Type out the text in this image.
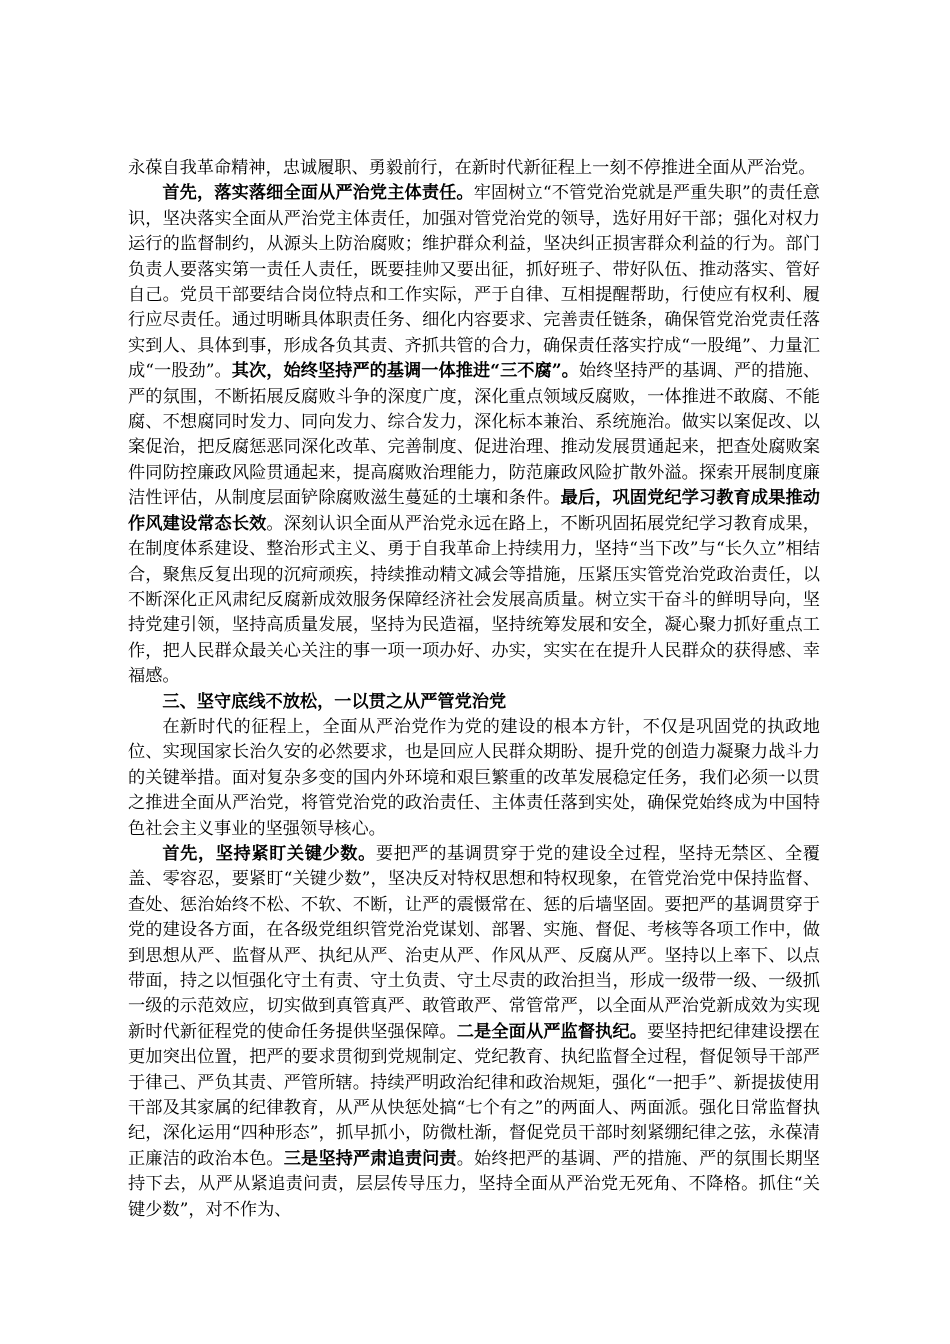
永葆自我革命精神，忠诚履职、勇毅前行，在新时代新征程上一刻不停推进全面从严治党。

首先，落实落细全面从严治党主体责任。牢固树立“不管党治党就是严重失职”的责任意识，坚决落实全面从严治党主体责任，加强对管党治党的领导，选好用好干部；强化对权力运行的监督制约，从源头上防治腐败；维护群众利益，坚决纠正损害群众利益的行为。部门负责人要落实第一责任人责任，既要挂帅又要出征，抓好班子、带好队伍、推动落实、管好自己。党员干部要结合岗位特点和工作实际，严于自律、互相提醒帮助，行使应有权利、履行应尽责任。通过明晰具体职责任务、细化内容要求、完善责任链条，确保管党治党责任落实到人、具体到事，形成各负其责、齐抓共管的合力，确保责任落实拧成“一股绳”、力量汇成“一股劲”。其次，始终坚持严的基调一体推进“三不腐”。始终坚持严的基调、严的措施、严的氛围，不断拓展反腐败斗争的深度广度，深化重点领域反腐败，一体推进不敢腐、不能腐、不想腐同时发力、同向发力、综合发力，深化标本兼治、系统施治。做实以案促改、以案促治，把反腐惩恶同深化改革、完善制度、促进治理、推动发展贯通起来，把查处腐败案件同防控廉政风险贯通起来，提高腐败治理能力，防范廉政风险扩散外溢。探索开展制度廉洁性评估，从制度层面铲除腐败滋生蔓延的土壤和条件。最后，巩固党纪学习教育成果推动作风建设常态长效。深刻认识全面从严治党永远在路上，不断巩固拓展党纪学习教育成果，在制度体系建设、整治形式主义、勇于自我革命上持续用力，坚持“当下改”与“长久立”相结合，聚焦反复出现的沉疴顽疾，持续推动精文减会等措施，压紧压实管党治党政治责任，以不断深化正风肃纪反腐新成效服务保障经济社会发展高质量。树立实干奋斗的鲜明导向，坚持党建引领，坚持高质量发展，坚持为民造福，坚持统筹发展和安全，凝心聚力抓好重点工作，把人民群众最关心关注的事一项一项办好、办实，实实在在提升人民群众的获得感、幸福感。

三、坚守底线不放松，一以贯之从严管党治党

在新时代的征程上，全面从严治党作为党的建设的根本方针，不仅是巩固党的执政地位、实现国家长治久安的必然要求，也是回应人民群众期盼、提升党的创造力凝聚力战斗力的关键举措。面对复杂多变的国内外环境和艰巨繁重的改革发展稳定任务，我们必须一以贯之推进全面从严治党，将管党治党的政治责任、主体责任落到实处，确保党始终成为中国特色社会主义事业的坚强领导核心。

首先，坚持紧盯关键少数。要把严的基调贯穿于党的建设全过程，坚持无禁区、全覆盖、零容忍，要紧盯“关键少数”，坚决反对特权思想和特权现象，在管党治党中保持监督、查处、惩治始终不松、不软、不断，让严的震慑常在、惩的后墙坚固。要把严的基调贯穿于党的建设各方面，在各级党组织管党治党谋划、部署、实施、督促、考核等各项工作中，做到思想从严、监督从严、执纪从严、治吏从严、作风从严、反腐从严。坚持以上率下、以点带面，持之以恒强化守土有责、守土负责、守土尽责的政治担当，形成一级带一级、一级抓一级的示范效应，切实做到真管真严、敢管敢严、常管常严，以全面从严治党新成效为实现新时代新征程党的使命任务提供坚强保障。二是全面从严监督执纪。要坚持把纪律建设摆在更加突出位置，把严的要求贯彻到党规制定、党纪教育、执纪监督全过程，督促领导干部严于律己、严负其责、严管所辖。持续严明政治纪律和政治规矩，强化“一把手”、新提拔使用干部及其家属的纪律教育，从严从快惩处搞“七个有之”的两面人、两面派。强化日常监督执纪，深化运用“四种形态”，抓早抓小，防微杜渐，督促党员干部时刻紧绷纪律之弦，永葆清正廉洁的政治本色。三是坚持严肃追责问责。始终把严的基调、严的措施、严的氛围长期坚持下去，从严从紧追责问责，层层传导压力，坚持全面从严治党无死角、不降格。抓住“关键少数”，对不作为、
